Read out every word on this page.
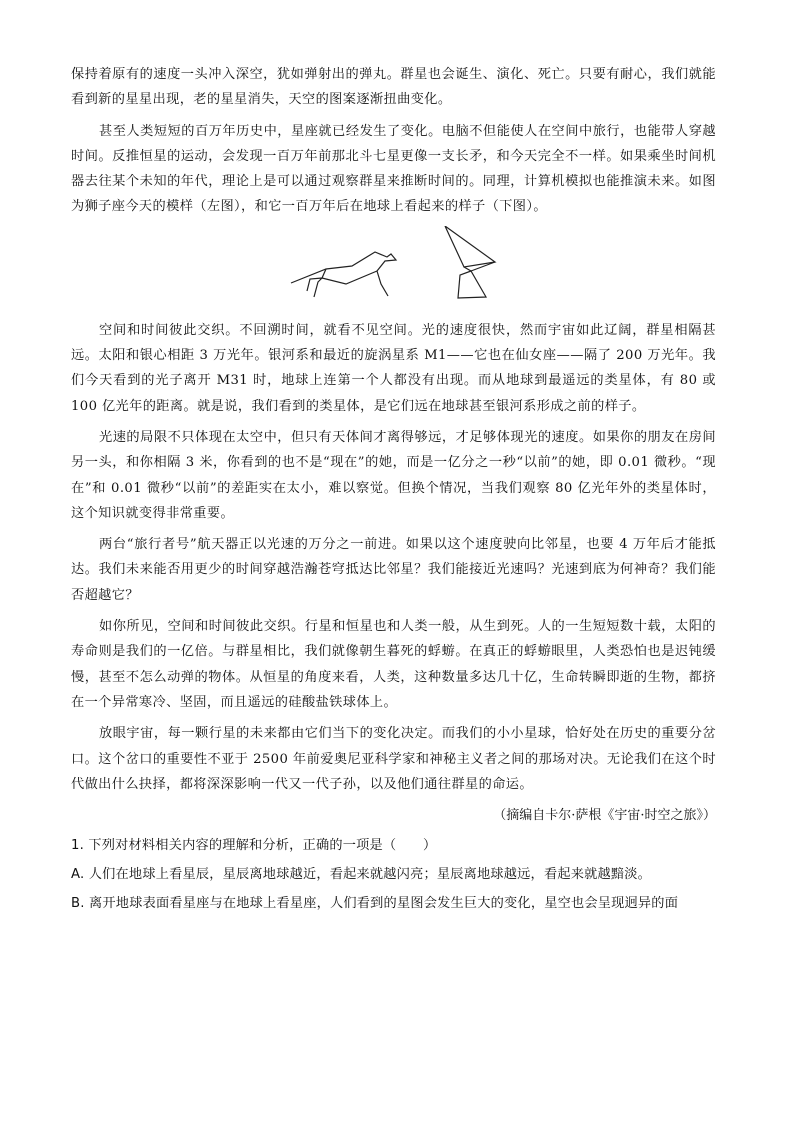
保持着原有的速度一头冲入深空，犹如弹射出的弹丸。群星也会诞生、演化、死亡。只要有耐心，我们就能看到新的星星出现，老的星星消失，天空的图案逐渐扭曲变化。

甚至人类短短的百万年历史中，星座就已经发生了变化。电脑不但能使人在空间中旅行，也能带人穿越时间。反推恒星的运动，会发现一百万年前那北斗七星更像一支长矛，和今天完全不一样。如果乘坐时间机器去往某个未知的年代，理论上是可以通过观察群星来推断时间的。同理，计算机模拟也能推演未来。如图为狮子座今天的模样（左图），和它一百万年后在地球上看起来的样子（下图）。

空间和时间彼此交织。不回溯时间，就看不见空间。光的速度很快，然而宇宙如此辽阔，群星相隔甚远。太阳和银心相距 3 万光年。银河系和最近的旋涡星系 M1——它也在仙女座——隔了 200 万光年。我们今天看到的光子离开 M31 时，地球上连第一个人都没有出现。而从地球到最遥远的类星体，有 80 或 100 亿光年的距离。就是说，我们看到的类星体，是它们远在地球甚至银河系形成之前的样子。

光速的局限不只体现在太空中，但只有天体间才离得够远，才足够体现光的速度。如果你的朋友在房间另一头，和你相隔 3 米，你看到的也不是“现在”的她，而是一亿分之一秒“以前”的她，即 0.01 微秒。“现在”和 0.01 微秒“以前”的差距实在太小，难以察觉。但换个情况，当我们观察 80 亿光年外的类星体时，这个知识就变得非常重要。

两台“旅行者号”航天器正以光速的万分之一前进。如果以这个速度驶向比邻星，也要 4 万年后才能抵达。我们未来能否用更少的时间穿越浩瀚苍穹抵达比邻星？我们能接近光速吗？光速到底为何神奇？我们能否超越它？

如你所见，空间和时间彼此交织。行星和恒星也和人类一般，从生到死。人的一生短短数十载，太阳的寿命则是我们的一亿倍。与群星相比，我们就像朝生暮死的蜉蝣。在真正的蜉蝣眼里，人类恐怕也是迟钝缓慢，甚至不怎么动弹的物体。从恒星的角度来看，人类，这种数量多达几十亿，生命转瞬即逝的生物，都挤在一个异常寒冷、坚固，而且遥远的硅酸盐铁球体上。

放眼宇宙，每一颗行星的未来都由它们当下的变化决定。而我们的小小星球，恰好处在历史的重要分岔口。这个岔口的重要性不亚于 2500 年前爱奥尼亚科学家和神秘主义者之间的那场对决。无论我们在这个时代做出什么抉择，都将深深影响一代又一代子孙，以及他们通往群星的命运。

（摘编自卡尔·萨根《宇宙·时空之旅》）

1. 下列对材料相关内容的理解和分析，正确的一项是（　　）

A. 人们在地球上看星辰，星辰离地球越近，看起来就越闪亮；星辰离地球越远，看起来就越黯淡。

B. 离开地球表面看星座与在地球上看星座，人们看到的星图会发生巨大的变化，星空也会呈现迥异的面
